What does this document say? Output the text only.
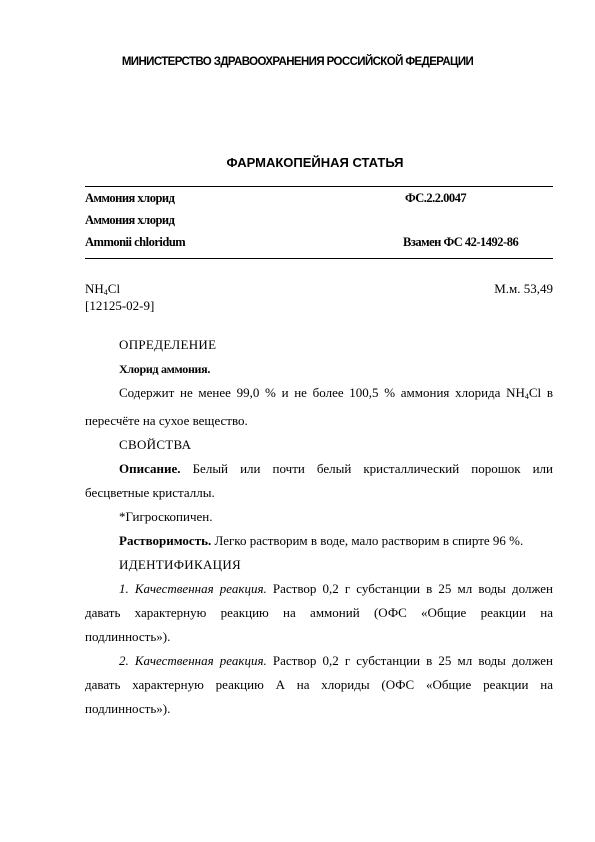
МИНИСТЕРСТВО ЗДРАВООХРАНЕНИЯ РОССИЙСКОЙ ФЕДЕРАЦИИ
ФАРМАКОПЕЙНАЯ СТАТЬЯ
Аммония хлорид	ФС.2.2.0047
Аммония хлорид
Ammonii chloridum	Взамен ФС 42-1492-86
$NH_4Cl$
[12125-02-9]
М.м. 53,49

ОПРЕДЕЛЕНИЕ

Хлорид аммония.

Содержит не менее 99,0 % и не более 100,5 % аммония хлорида $NH_4Cl$ в пересчёте на сухое вещество.

СВОЙСТВА

Описание. Белый или почти белый кристаллический порошок или бесцветные кристаллы.

*Гигроскопичен.

Растворимость. Легко растворим в воде, мало растворим в спирте 96 %.

ИДЕНТИФИКАЦИЯ

1. Качественная реакция. Раствор 0,2 г субстанции в 25 мл воды должен давать характерную реакцию на аммоний (ОФС «Общие реакции на подлинность»).

2. Качественная реакция. Раствор 0,2 г субстанции в 25 мл воды должен давать характерную реакцию А на хлориды (ОФС «Общие реакции на подлинность»).
